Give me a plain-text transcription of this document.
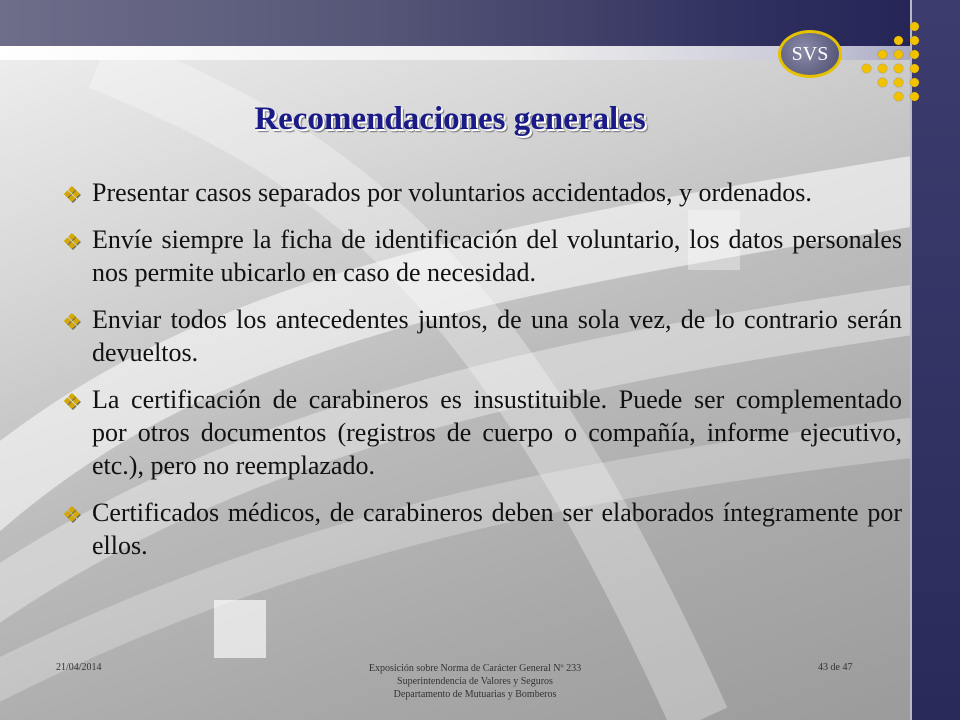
SVS
Recomendaciones generales
❖ Presentar casos separados por voluntarios accidentados, y ordenados.
❖ Envíe siempre la ficha de identificación del voluntario, los datos personales nos permite ubicarlo en caso de necesidad.
❖ Enviar todos los antecedentes juntos, de una sola vez, de lo contrario serán devueltos.
❖ La certificación de carabineros es insustituible. Puede ser complementado por otros documentos (registros de cuerpo o compañía, informe ejecutivo, etc.), pero no reemplazado.
❖ Certificados médicos, de carabineros deben ser elaborados íntegramente por ellos.
21/04/2014	Exposición sobre Norma de Carácter General Nº 233
Superintendencia de Valores y Seguros
Departamento de Mutuarias y Bomberos
43 de 47
